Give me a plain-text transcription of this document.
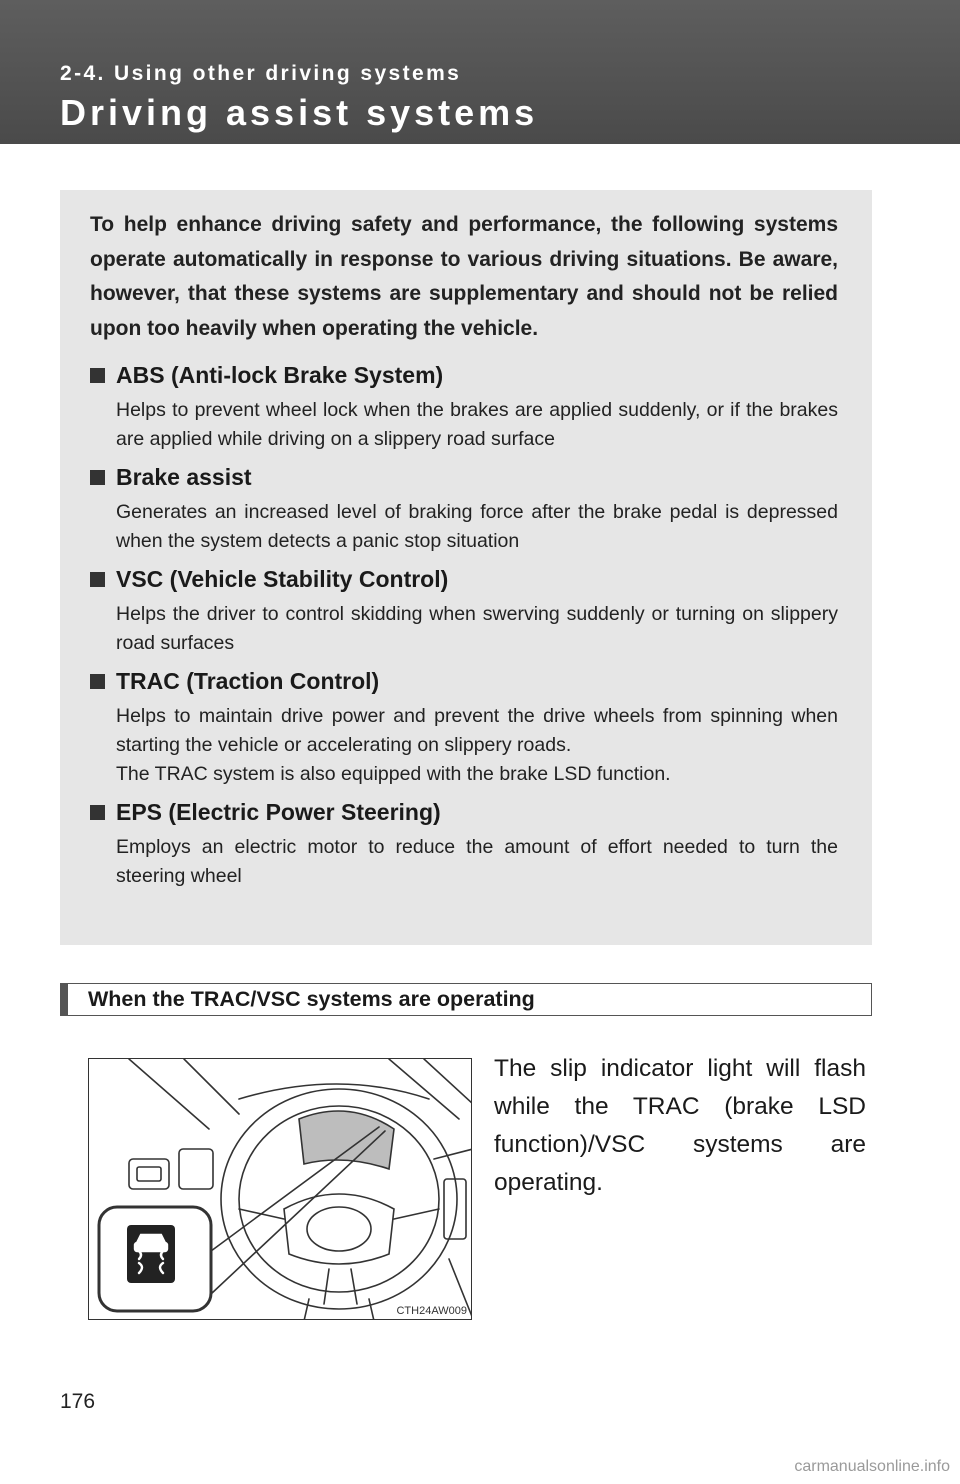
2-4. Using other driving systems
Driving assist systems

To help enhance driving safety and performance, the following systems operate automatically in response to various driving situations. Be aware, however, that these systems are supplementary and should not be relied upon too heavily when operating the vehicle.

ABS (Anti-lock Brake System)

Helps to prevent wheel lock when the brakes are applied suddenly, or if the brakes are applied while driving on a slippery road surface

Brake assist

Generates an increased level of braking force after the brake pedal is depressed when the system detects a panic stop situation

VSC (Vehicle Stability Control)

Helps the driver to control skidding when swerving suddenly or turning on slippery road surfaces

TRAC (Traction Control)

Helps to maintain drive power and prevent the drive wheels from spinning when starting the vehicle or accelerating on slippery roads.

The TRAC system is also equipped with the brake LSD function.

EPS (Electric Power Steering)

Employs an electric motor to reduce the amount of effort needed to turn the steering wheel

When the TRAC/VSC systems are operating
CTH24AW009

The slip indicator light will flash while the TRAC (brake LSD function)/VSC systems are operating.

176
carmanualsonline.info
